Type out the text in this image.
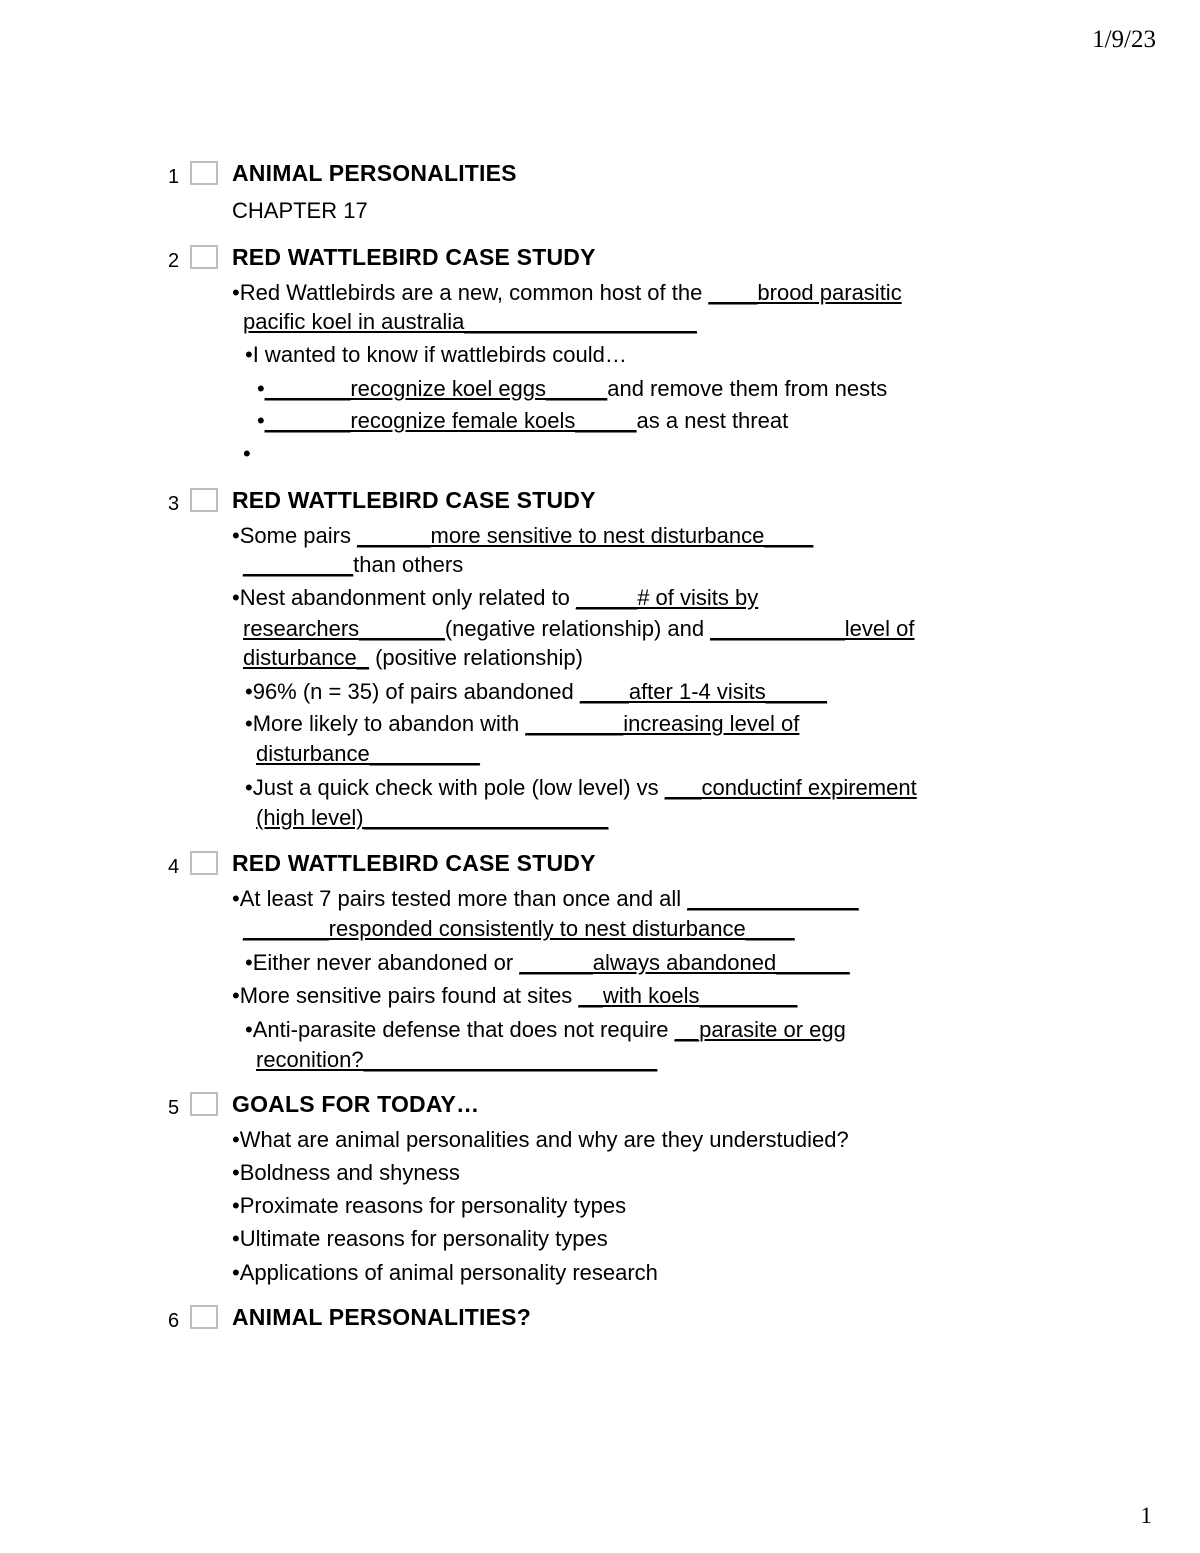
1/9/23
1 ANIMAL PERSONALITIES
CHAPTER 17
2 RED WATTLEBIRD CASE STUDY
•Red Wattlebirds are a new, common host of the ____brood parasitic
pacific koel in australia___________________
•I wanted to know if wattlebirds could…
•_______recognize koel eggs_____and remove them from nests
•_______recognize female koels_____as a nest threat
•
3 RED WATTLEBIRD CASE STUDY
•Some pairs ______more sensitive to nest disturbance____
_________than others
•Nest abandonment only related to _____# of visits by
researchers_______(negative relationship) and ___________level of
disturbance_ (positive relationship)
•96% (n = 35) of pairs abandoned ____after 1-4 visits_____
•More likely to abandon with ________increasing level of
disturbance_________
•Just a quick check with pole (low level) vs ___conductinf expirement
(high level)____________________
4 RED WATTLEBIRD CASE STUDY
•At least 7 pairs tested more than once and all ______________
_______responded consistently to nest disturbance____
•Either never abandoned or ______always abandoned______
•More sensitive pairs found at sites __with koels________
•Anti-parasite defense that does not require __parasite or egg
reconition?________________________
5 GOALS FOR TODAY…
•What are animal personalities and why are they understudied?
•Boldness and shyness
•Proximate reasons for personality types
•Ultimate reasons for personality types
•Applications of animal personality research
6 ANIMAL PERSONALITIES?
1
